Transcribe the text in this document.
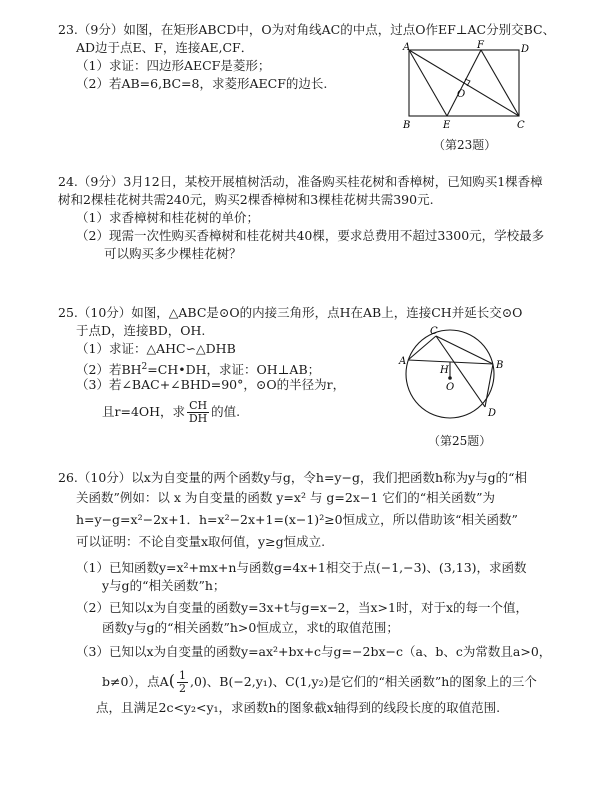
23.（9分）如图，在矩形ABCD中，O为对角线AC的中点，过点O作EF⊥AC分别交BC、
AD边于点E、F，连接AE,CF．
（1）求证：四边形AECF是菱形；
（2）若AB=6,BC=8，求菱形AECF的边长.
A	F	D
O
B	E	C
（第23题）
24.（9分）3月12日，某校开展植树活动，准备购买桂花树和香樟树，已知购买1棵香樟
树和2棵桂花树共需240元，购买2棵香樟树和3棵桂花树共需390元.
（1）求香樟树和桂花树的单价；
（2）现需一次性购买香樟树和桂花树共40棵，要求总费用不超过3300元，学校最多
可以购买多少棵桂花树？
25.（10分）如图，△ABC是⊙O的内接三角形，点H在AB上，连接CH并延长交⊙O
于点D，连接BD，OH.
（1）求证：△AHC∽△DHB
（2）若$BH^2=CH•DH$，求证：OH⊥AB；
（3）若∠BAC+∠BHD=90°，⊙O的半径为r，
且r=4OH，求 $\frac{CH}{DH}$ 的值.
C
A	B
H
O
D
（第25题）
26.（10分）以x为自变量的两个函数y与g，令h=y−g，我们把函数h称为y与g的“相
关函数”例如：以 x 为自变量的函数 y=x² 与 g=2x−1 它们的“相关函数”为
h=y−g=x²−2x+1．h=x²−2x+1=(x−1)²≥0恒成立，所以借助该“相关函数”
可以证明：不论自变量x取何值，y≥g恒成立.
（1）已知函数y=x²+mx+n与函数g=4x+1相交于点(−1,−3)、(3,13)，求函数
y与g的“相关函数”h；
（2）已知以x为自变量的函数y=3x+t与g=x−2，当x>1时，对于x的每一个值，
函数y与g的“相关函数”h>0恒成立，求t的取值范围；
（3）已知以x为自变量的函数y=ax²+bx+c与g=−2bx−c（a、b、c为常数且a>0，
b≠0），点$A( \frac{1}{2} ,0)$、B(−2,y₁)、C(1,y₂)是它们的“相关函数”h的图象上的三个
点，且满足2c<y₂<y₁，求函数h的图象截x轴得到的线段长度的取值范围.
